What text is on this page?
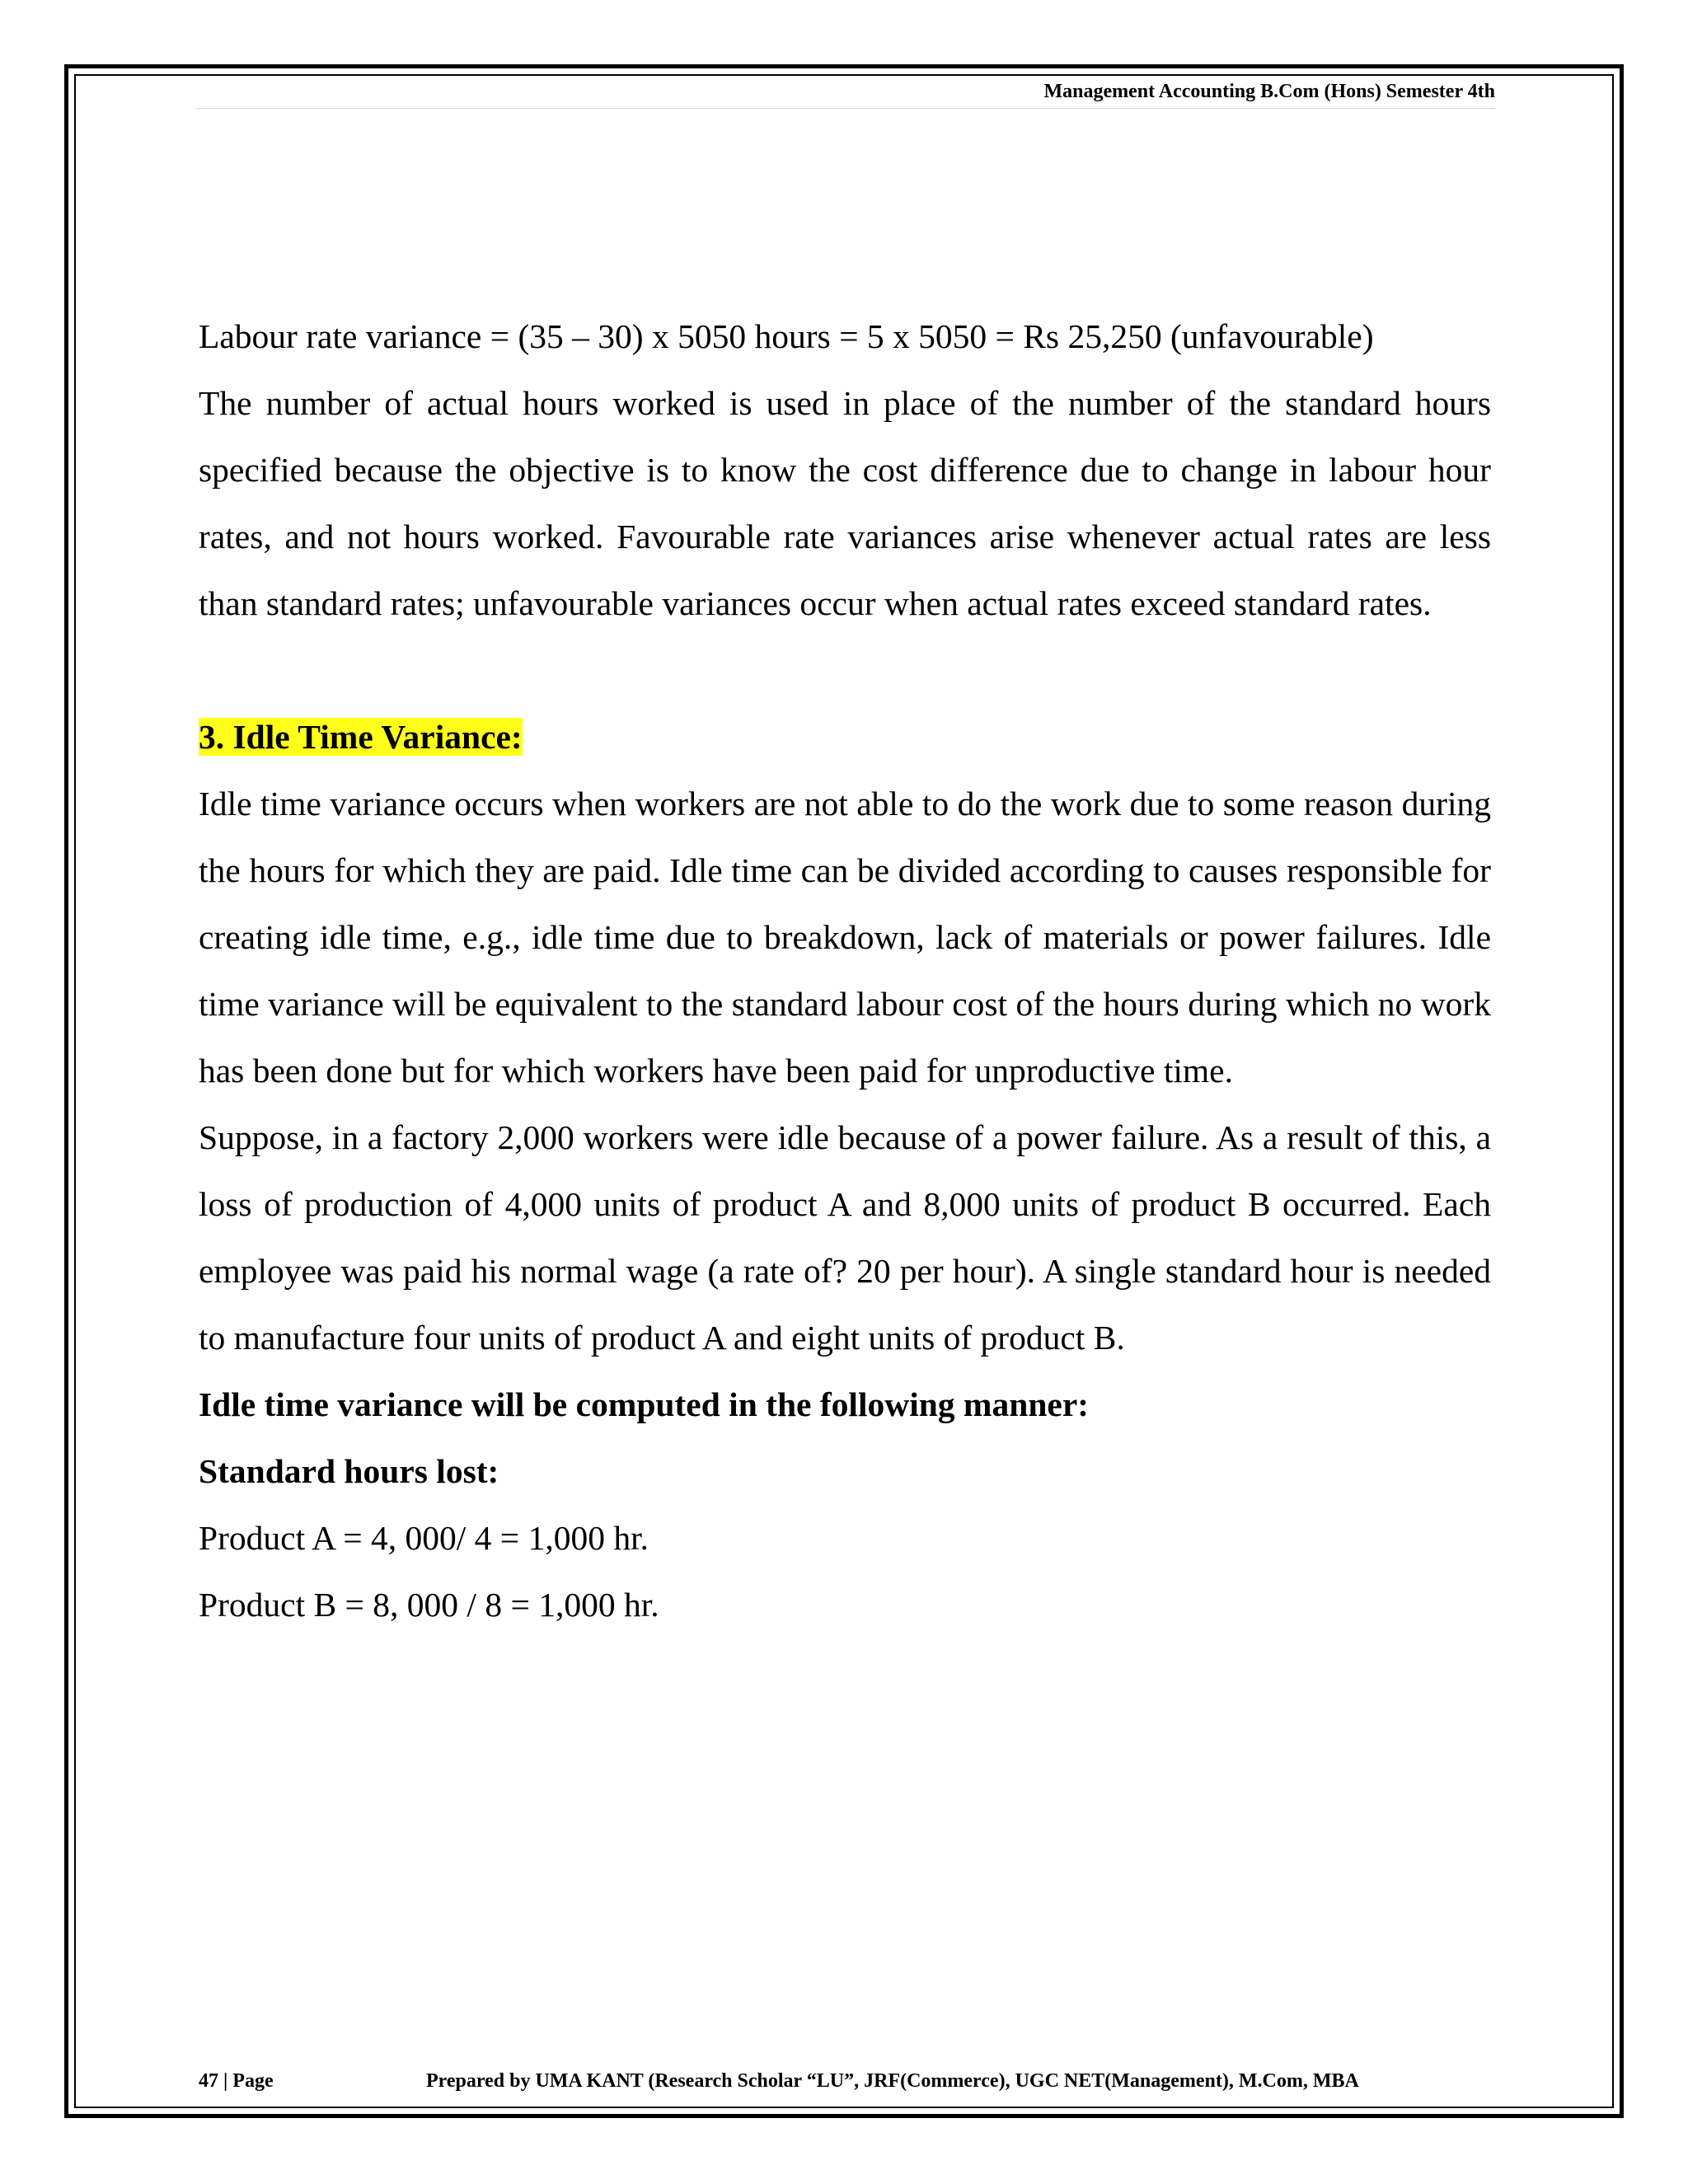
Management Accounting B.Com (Hons) Semester 4th

Labour rate variance = (35 – 30) x 5050 hours = 5 x 5050 = Rs 25,250 (unfavourable)

The number of actual hours worked is used in place of the number of the standard hours specified because the objective is to know the cost difference due to change in labour hour rates, and not hours worked. Favourable rate variances arise whenever actual rates are less than standard rates; unfavourable variances occur when actual rates exceed standard rates.

3. Idle Time Variance:

Idle time variance occurs when workers are not able to do the work due to some reason during the hours for which they are paid. Idle time can be divided according to causes responsible for creating idle time, e.g., idle time due to breakdown, lack of materials or power failures. Idle time variance will be equivalent to the standard labour cost of the hours during which no work has been done but for which workers have been paid for unproductive time.

Suppose, in a factory 2,000 workers were idle because of a power failure. As a result of this, a loss of production of 4,000 units of product A and 8,000 units of product B occurred. Each employee was paid his normal wage (a rate of? 20 per hour). A single standard hour is needed to manufacture four units of product A and eight units of product B.

Idle time variance will be computed in the following manner:

Standard hours lost:

Product A = 4, 000/ 4 = 1,000 hr.

Product B = 8, 000 / 8 = 1,000 hr.

47 | Page	Prepared by UMA KANT (Research Scholar “LU”, JRF(Commerce), UGC NET(Management), M.Com, MBA
